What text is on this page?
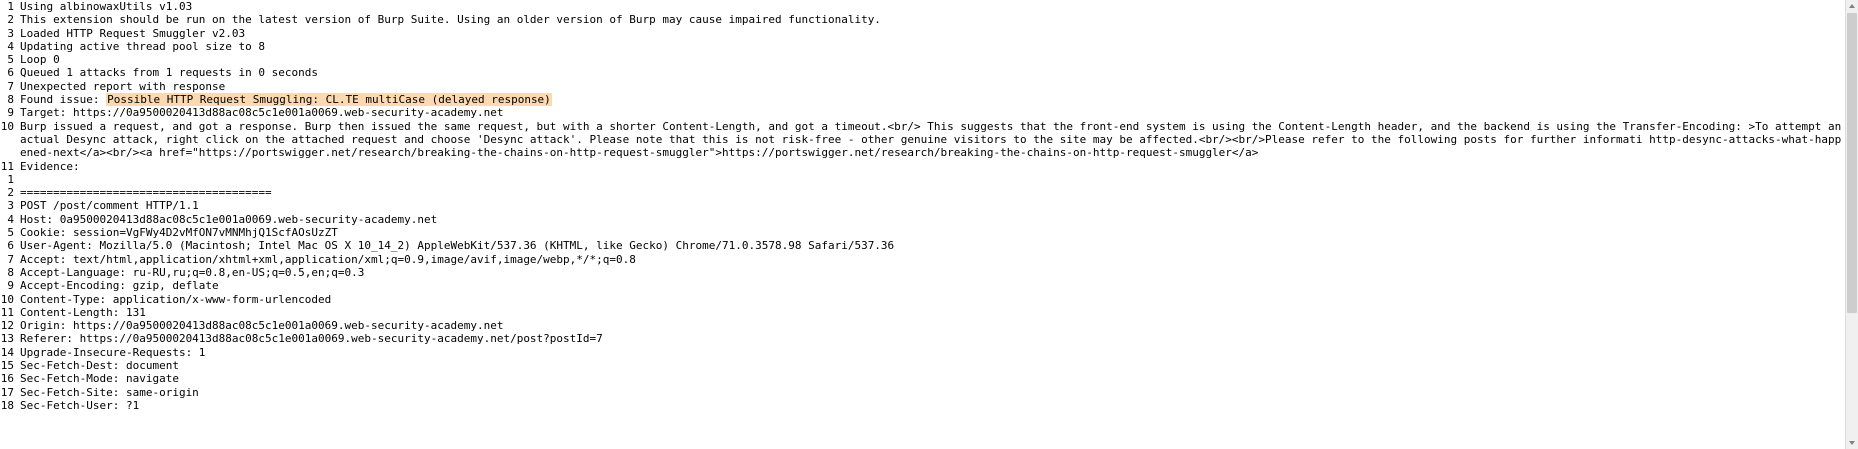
1 Using albinowaxUtils v1.03
2 This extension should be run on the latest version of Burp Suite. Using an older version of Burp may cause impaired functionality.
3 Loaded HTTP Request Smuggler v2.03
4 Updating active thread pool size to 8
5 Loop 0
6 Queued 1 attacks from 1 requests in 0 seconds
7 Unexpected report with response
8 Found issue: Possible HTTP Request Smuggling: CL.TE multiCase (delayed response)
9 Target: https://0a9500020413d88ac08c5c1e001a0069.web-security-academy.net
10 Burp issued a request, and got a response. Burp then issued the same request, but with a shorter Content-Length, and got a timeout.<br/> This suggests that the front-end system is using the Content-Length header, and the backend is using the Transfer-Encoding: >To attempt an actual Desync attack, right click on the attached request and choose 'Desync attack'. Please note that this is not risk-free - other genuine visitors to the site may be affected.<br/><br/>Please refer to the following posts for further informati http-desync-attacks-what-happened-next</a><br/><a href="https://portswigger.net/research/breaking-the-chains-on-http-request-smuggler">https://portswigger.net/research/breaking-the-chains-on-http-request-smuggler</a>
11 Evidence:
1
2 ======================================
3 POST /post/comment HTTP/1.1
4 Host: 0a9500020413d88ac08c5c1e001a0069.web-security-academy.net
5 Cookie: session=VgFWy4D2vMfON7vMNMhjQ1ScfAOsUzZT
6 User-Agent: Mozilla/5.0 (Macintosh; Intel Mac OS X 10_14_2) AppleWebKit/537.36 (KHTML, like Gecko) Chrome/71.0.3578.98 Safari/537.36
7 Accept: text/html,application/xhtml+xml,application/xml;q=0.9,image/avif,image/webp,*/*;q=0.8
8 Accept-Language: ru-RU,ru;q=0.8,en-US;q=0.5,en;q=0.3
9 Accept-Encoding: gzip, deflate
10 Content-Type: application/x-www-form-urlencoded
11 Content-Length: 131
12 Origin: https://0a9500020413d88ac08c5c1e001a0069.web-security-academy.net
13 Referer: https://0a9500020413d88ac08c5c1e001a0069.web-security-academy.net/post?postId=7
14 Upgrade-Insecure-Requests: 1
15 Sec-Fetch-Dest: document
16 Sec-Fetch-Mode: navigate
17 Sec-Fetch-Site: same-origin
18 Sec-Fetch-User: ?1
